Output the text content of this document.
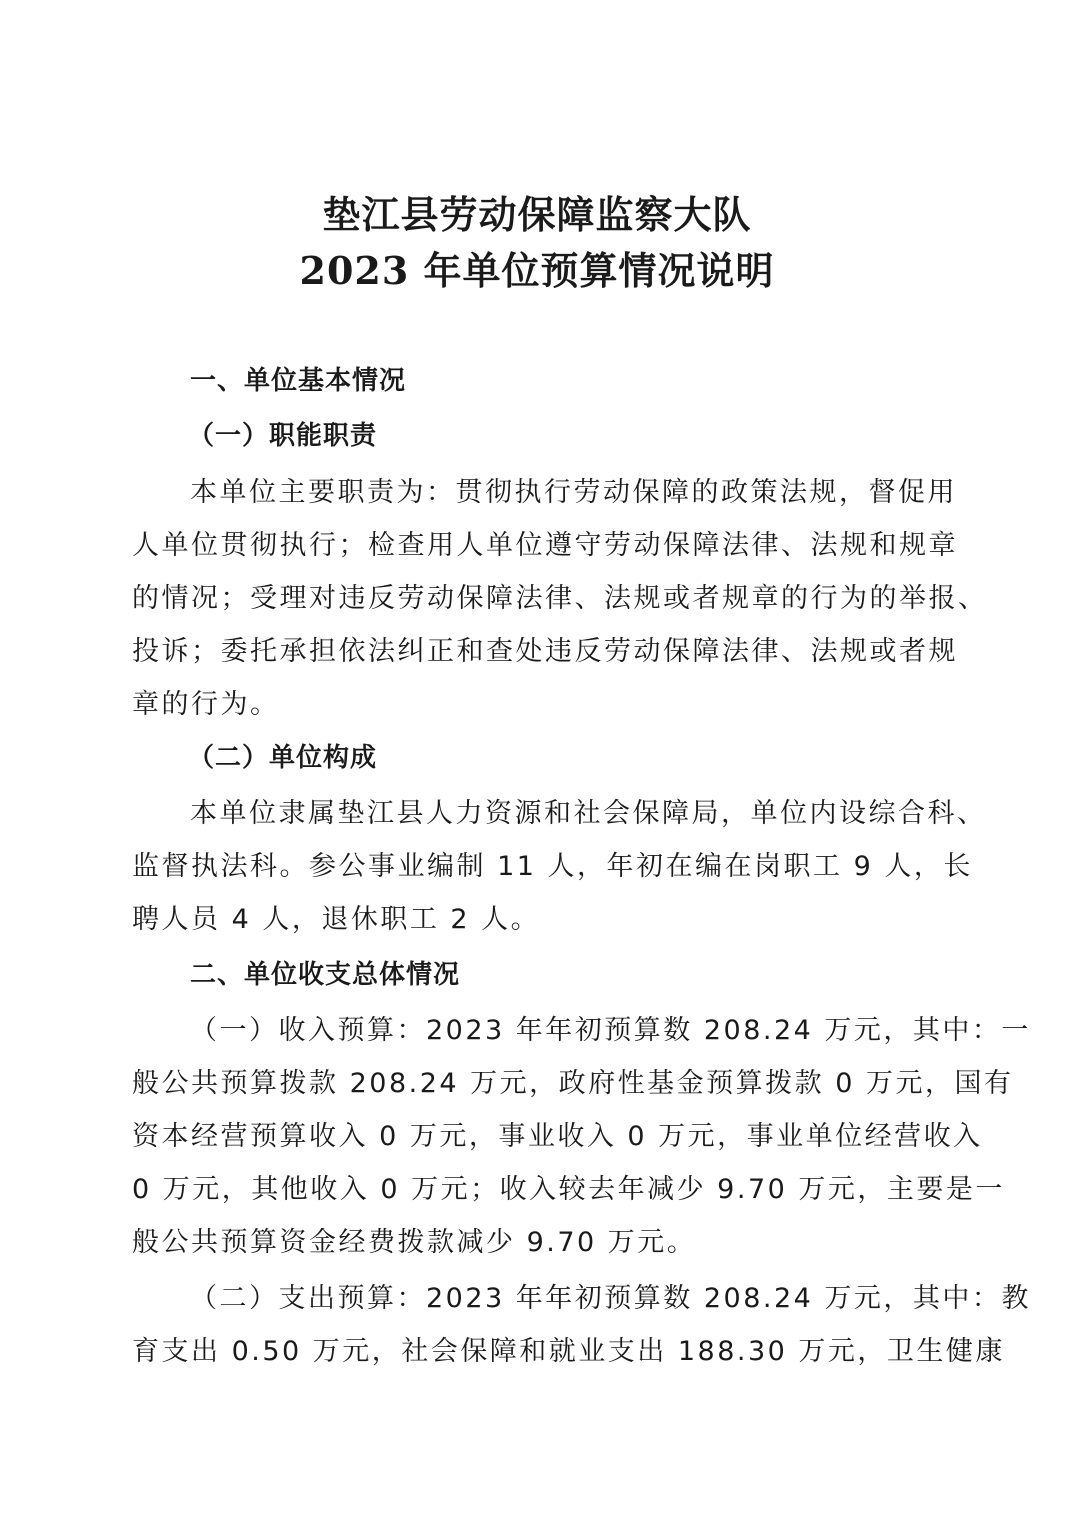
垫江县劳动保障监察大队
2023 年单位预算情况说明
一、单位基本情况
（一）职能职责
本单位主要职责为：贯彻执行劳动保障的政策法规，督促用
人单位贯彻执行；检查用人单位遵守劳动保障法律、法规和规章
的情况；受理对违反劳动保障法律、法规或者规章的行为的举报、
投诉；委托承担依法纠正和查处违反劳动保障法律、法规或者规
章的行为。
（二）单位构成
本单位隶属垫江县人力资源和社会保障局，单位内设综合科、
监督执法科。参公事业编制 11 人，年初在编在岗职工 9 人，长
聘人员 4 人，退休职工 2 人。
二、单位收支总体情况
（一）收入预算：2023 年年初预算数 208.24 万元，其中：一
般公共预算拨款 208.24 万元，政府性基金预算拨款 0 万元，国有
资本经营预算收入 0 万元，事业收入 0 万元，事业单位经营收入
0 万元，其他收入 0 万元；收入较去年减少 9.70 万元，主要是一
般公共预算资金经费拨款减少 9.70 万元。
（二）支出预算：2023 年年初预算数 208.24 万元，其中：教
育支出 0.50 万元，社会保障和就业支出 188.30 万元，卫生健康
